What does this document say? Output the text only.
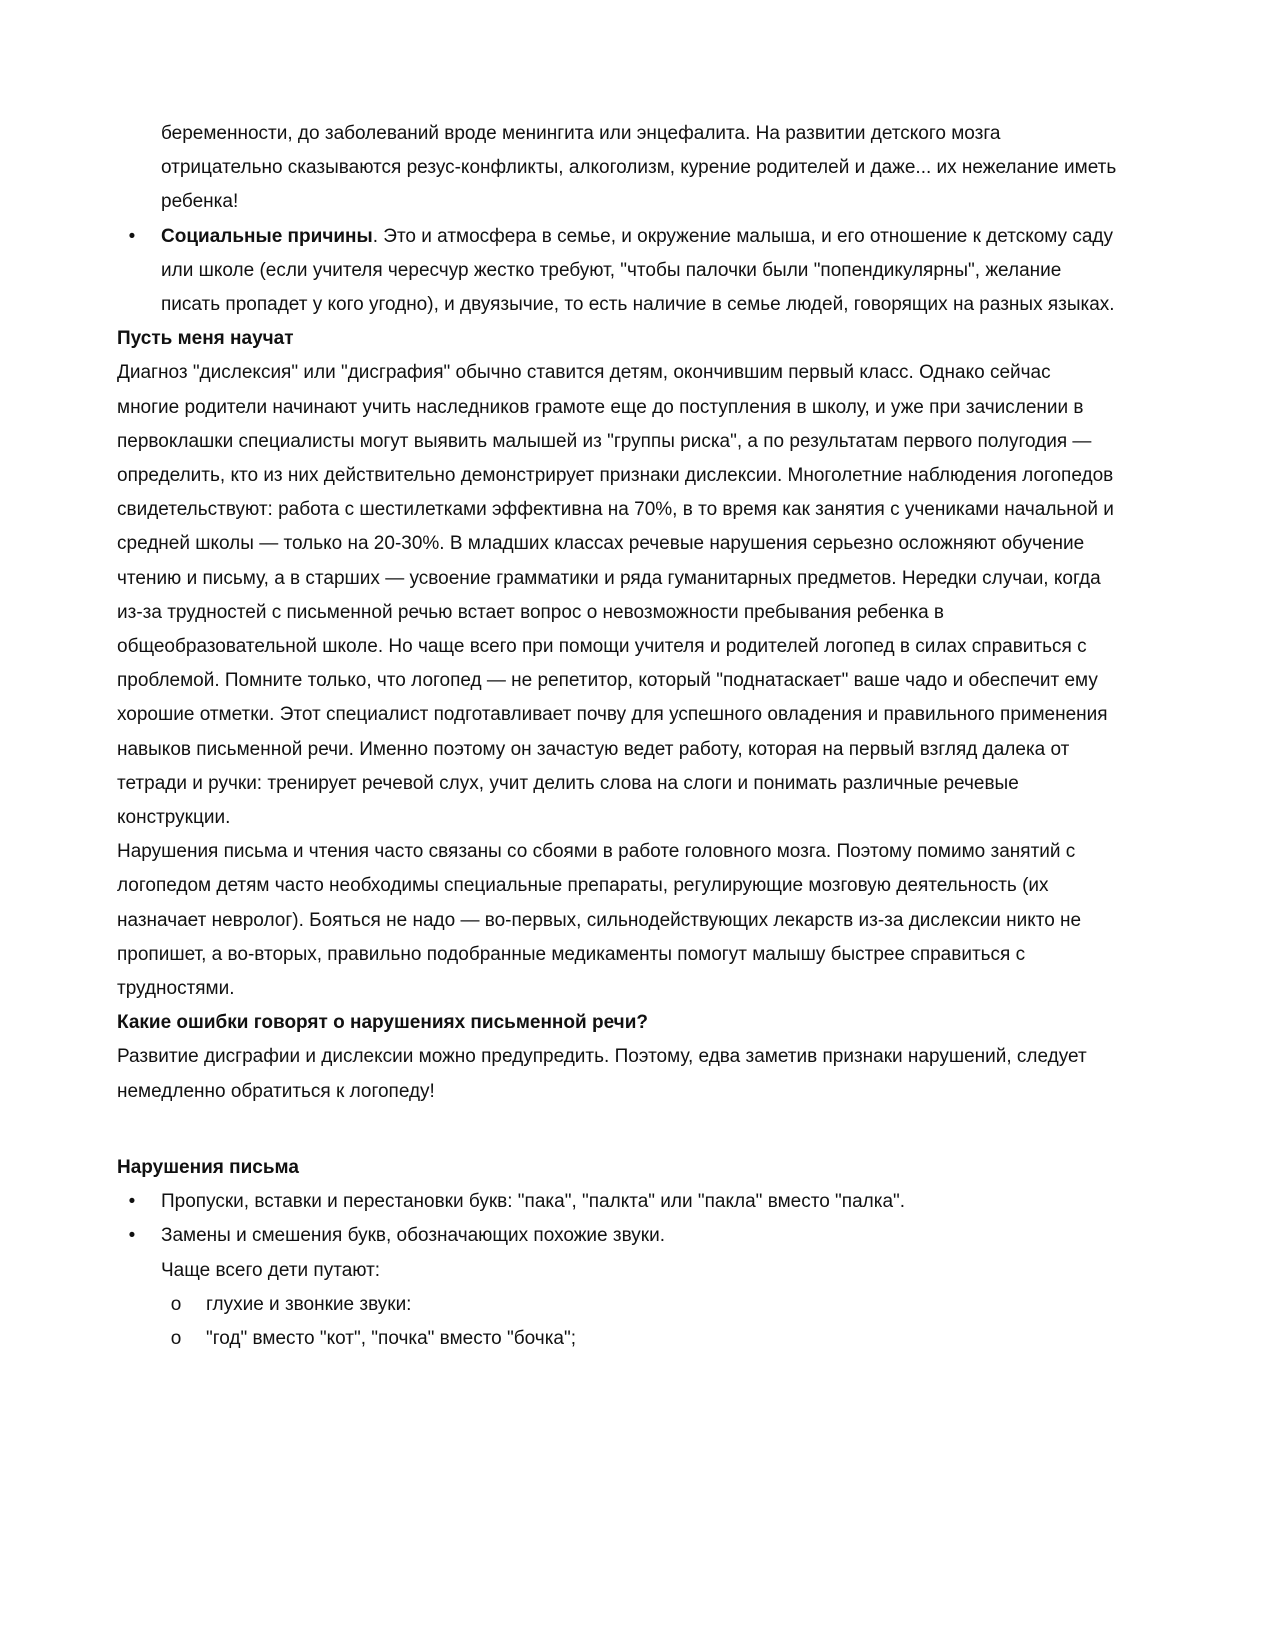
беременности, до заболеваний вроде менингита или энцефалита. На развитии детского мозга отрицательно сказываются резус-конфликты, алкоголизм, курение родителей и даже... их нежелание иметь ребенка!

• Социальные причины. Это и атмосфера в семье, и окружение малыша, и его отношение к детскому саду или школе (если учителя чересчур жестко требуют, "чтобы палочки были "попендикулярны", желание писать пропадет у кого угодно), и двуязычие, то есть наличие в семье людей, говорящих на разных языках.

Пусть меня научат

Диагноз "дислексия" или "дисграфия" обычно ставится детям, окончившим первый класс. Однако сейчас многие родители начинают учить наследников грамоте еще до поступления в школу, и уже при зачислении в первоклашки специалисты могут выявить малышей из "группы риска", а по результатам первого полугодия — определить, кто из них действительно демонстрирует признаки дислексии. Многолетние наблюдения логопедов свидетельствуют: работа с шестилетками эффективна на 70%, в то время как занятия с учениками начальной и средней школы — только на 20-30%. В младших классах речевые нарушения серьезно осложняют обучение чтению и письму, а в старших — усвоение грамматики и ряда гуманитарных предметов. Нередки случаи, когда из-за трудностей с письменной речью встает вопрос о невозможности пребывания ребенка в общеобразовательной школе. Но чаще всего при помощи учителя и родителей логопед в силах справиться с проблемой. Помните только, что логопед — не репетитор, который "поднатаскает" ваше чадо и обеспечит ему хорошие отметки. Этот специалист подготавливает почву для успешного овладения и правильного применения навыков письменной речи. Именно поэтому он зачастую ведет работу, которая на первый взгляд далека от тетради и ручки: тренирует речевой слух, учит делить слова на слоги и понимать различные речевые конструкции.

Нарушения письма и чтения часто связаны со сбоями в работе головного мозга. Поэтому помимо занятий с логопедом детям часто необходимы специальные препараты, регулирующие мозговую деятельность (их назначает невролог). Бояться не надо — во-первых, сильнодействующих лекарств из-за дислексии никто не пропишет, а во-вторых, правильно подобранные медикаменты помогут малышу быстрее справиться с трудностями.

Какие ошибки говорят о нарушениях письменной речи?

Развитие дисграфии и дислексии можно предупредить. Поэтому, едва заметив признаки нарушений, следует немедленно обратиться к логопеду!

Нарушения письма

• Пропуски, вставки и перестановки букв: "пака", "палкта" или "пакла" вместо "палка".
• Замены и смешения букв, обозначающих похожие звуки.

Чаще всего дети путают:

o глухие и звонкие звуки:
o "год" вместо "кот", "почка" вместо "бочка";
